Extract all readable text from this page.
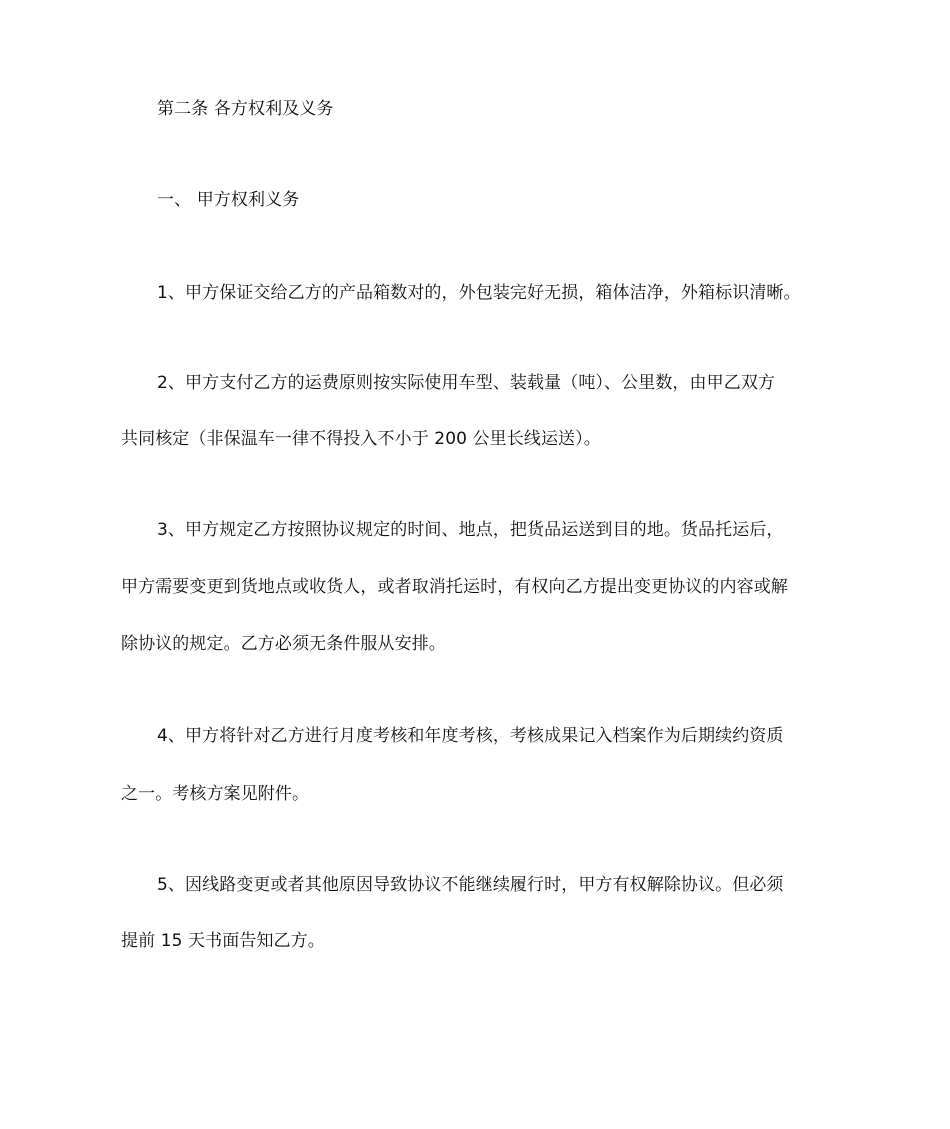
第二条 各方权利及义务
一、 甲方权利义务
1、甲方保证交给乙方的产品箱数对的，外包装完好无损，箱体洁净，外箱标识清晰。
2、甲方支付乙方的运费原则按实际使用车型、装载量（吨）、公里数，由甲乙双方
共同核定（非保温车一律不得投入不小于 200 公里长线运送）。
3、甲方规定乙方按照协议规定的时间、地点，把货品运送到目的地。货品托运后，
甲方需要变更到货地点或收货人，或者取消托运时，有权向乙方提出变更协议的内容或解
除协议的规定。乙方必须无条件服从安排。
4、甲方将针对乙方进行月度考核和年度考核，考核成果记入档案作为后期续约资质
之一。考核方案见附件。
5、因线路变更或者其他原因导致协议不能继续履行时，甲方有权解除协议。但必须
提前 15 天书面告知乙方。
